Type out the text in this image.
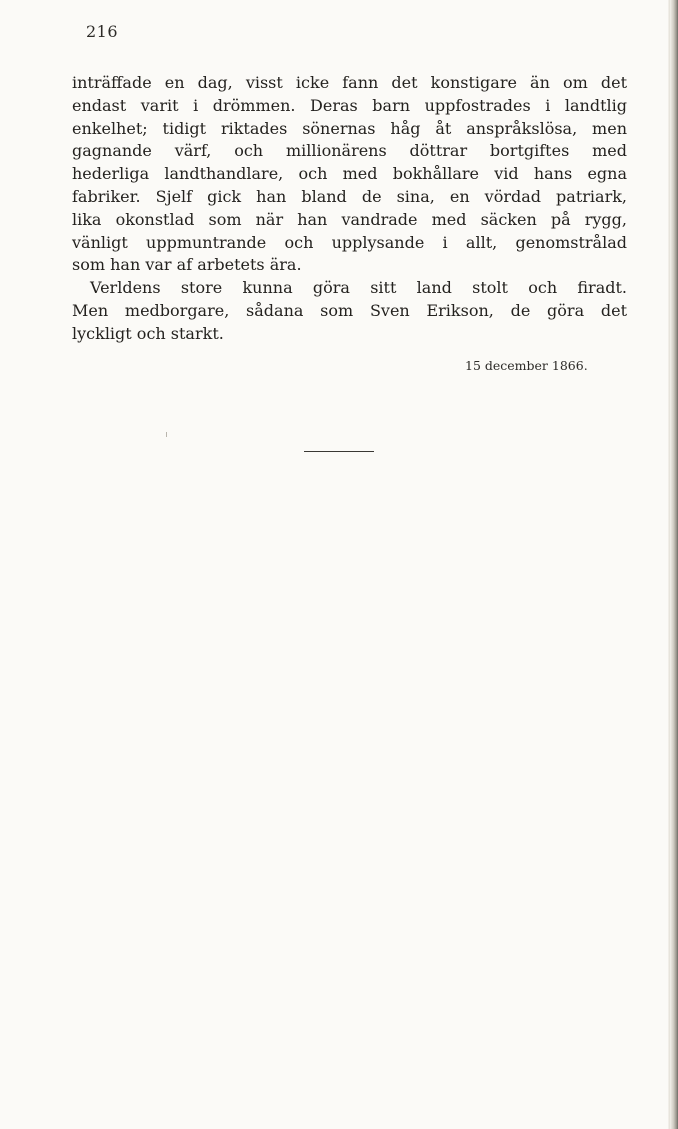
216
inträffade en dag, visst icke fann det konstigare än om det
endast varit i drömmen. Deras barn uppfostrades i landtlig
enkelhet; tidigt riktades sönernas håg åt anspråkslösa, men
gagnande värf, och millionärens döttrar bortgiftes med
hederliga landthandlare, och med bokhållare vid hans egna
fabriker. Sjelf gick han bland de sina, en vördad patriark,
lika okonstlad som när han vandrade med säcken på rygg,
vänligt uppmuntrande och upplysande i allt, genomstrålad
som han var af arbetets ära.
Verldens store kunna göra sitt land stolt och firadt.
Men medborgare, sådana som Sven Erikson, de göra det
lyckligt och starkt.
15 december 1866.
